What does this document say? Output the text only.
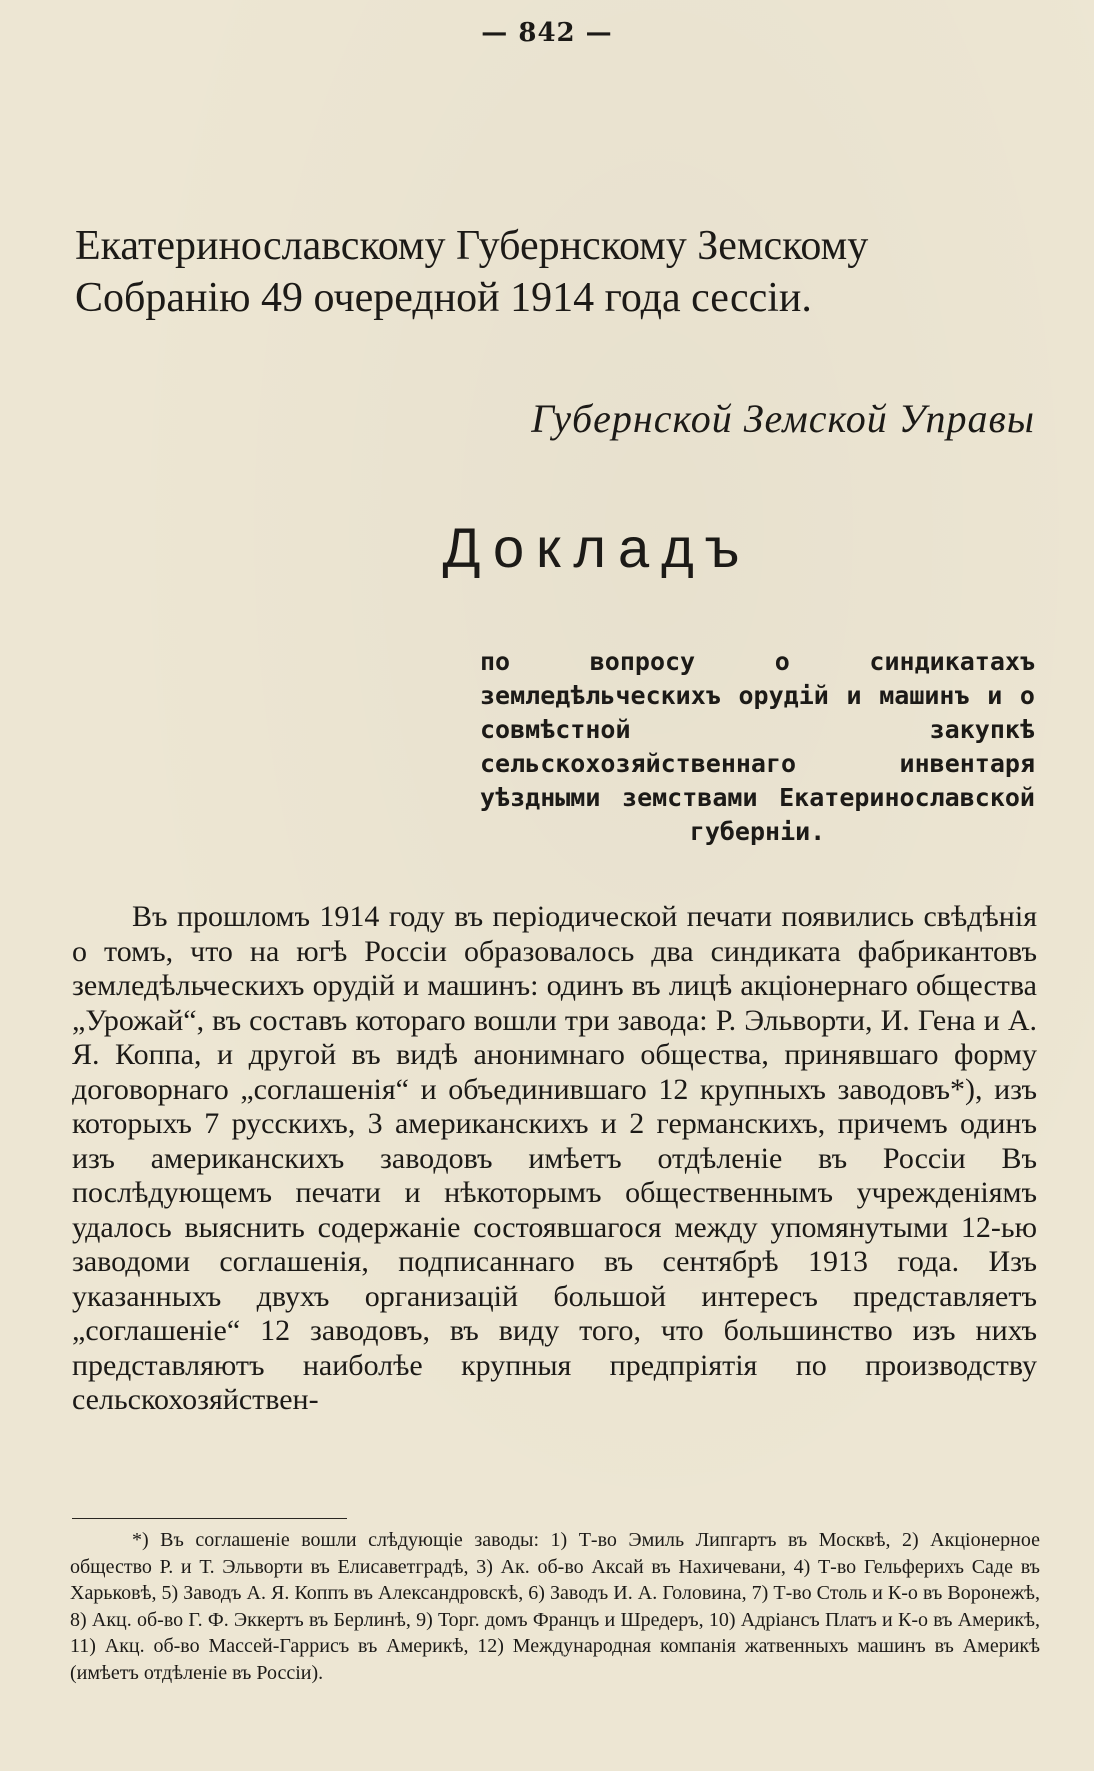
— 842 —
Екатеринославскому Губернскому Земскому
Собранію 49 очередной 1914 года сессіи.
Губернской Земской Управы
Докладъ
по вопросу о синдикатахъ земледѣльческихъ орудій и машинъ и о совмѣстной закупкѣ сельскохозяйственнаго инвентаря уѣздными земствами Екатеринославской губерніи.
Въ прошломъ 1914 году въ періодической печати появились свѣдѣнія о томъ, что на югѣ Россіи образовалось два синдиката фабрикантовъ земледѣльческихъ орудій и машинъ: одинъ въ лицѣ акціонернаго общества „Урожай“, въ составъ котораго вошли три завода: Р. Эльворти, И. Гена и А. Я. Коппа, и другой въ видѣ анонимнаго общества, принявшаго форму договорнаго „соглашенія“ и объединившаго 12 крупныхъ заводовъ*), изъ которыхъ 7 русскихъ, 3 американскихъ и 2 германскихъ, причемъ одинъ изъ американскихъ заводовъ имѣетъ отдѣленіе въ Россіи Въ послѣдующемъ печати и нѣкоторымъ общественнымъ учрежденіямъ удалось выяснить содержаніе состоявшагося между упомянутыми 12-ью заводоми соглашенія, подписаннаго въ сентябрѣ 1913 года. Изъ указанныхъ двухъ организацій большой интересъ представляетъ „соглашеніе“ 12 заводовъ, въ виду того, что большинство изъ нихъ представляютъ наиболѣе крупныя предпріятія по производству сельскохозяйствен-
*) Въ соглашеніе вошли слѣдующіе заводы: 1) Т-во Эмиль Липгартъ въ Москвѣ, 2) Акціонерное общество Р. и Т. Эльворти въ Елисаветградѣ, 3) Ак. об-во Аксай въ Нахичевани, 4) Т-во Гельферихъ Саде въ Харьковѣ, 5) Заводъ А. Я. Коппъ въ Александровскѣ, 6) Заводъ И. А. Головина, 7) Т-во Столь и К-о въ Воронежѣ, 8) Акц. об-во Г. Ф. Эккертъ въ Берлинѣ, 9) Торг. домъ Францъ и Шредеръ, 10) Адріансъ Платъ и К-о въ Америкѣ, 11) Акц. об-во Массей-Гаррисъ въ Америкѣ, 12) Международная компанія жатвенныхъ машинъ въ Америкѣ (имѣетъ отдѣленіе въ Россіи).
